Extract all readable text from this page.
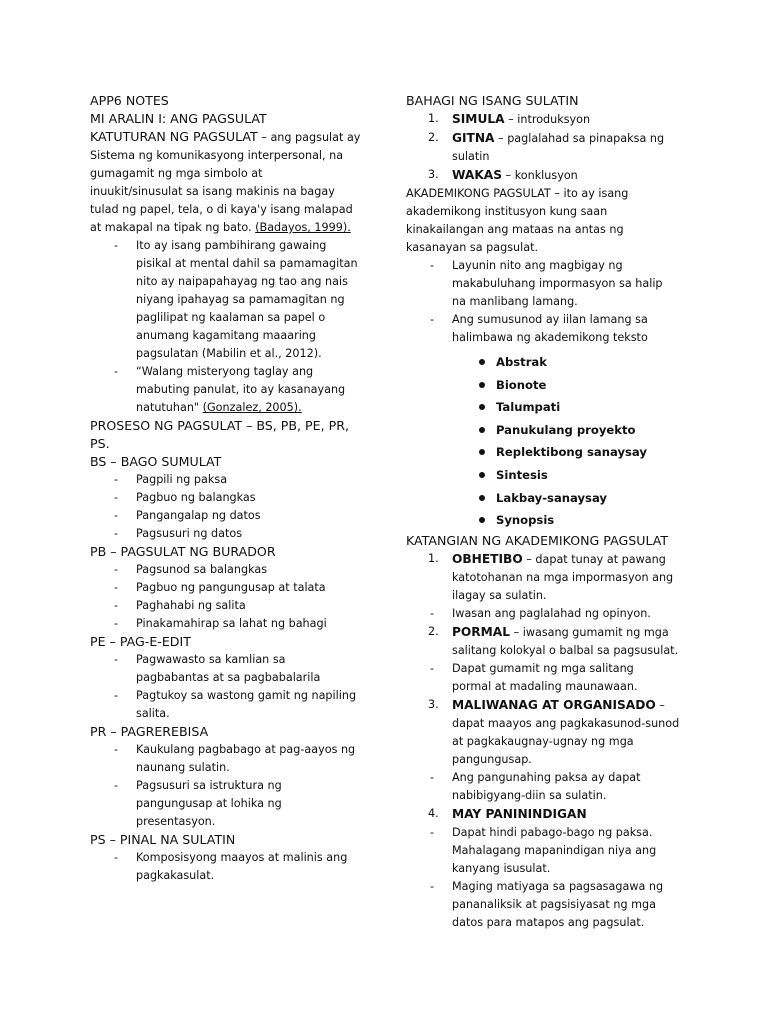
APP6 NOTES
MI ARALIN I: ANG PAGSULAT
KATUTURAN NG PAGSULAT – ang pagsulat ay
Sistema ng komunikasyong interpersonal, na
gumagamit ng mga simbolo at
inuukit/sinusulat sa isang makinis na bagay
tulad ng papel, tela, o di kaya'y isang malapad
at makapal na tipak ng bato. (Badayos, 1999).
- Ito ay isang pambihirang gawaing
pisikal at mental dahil sa pamamagitan
nito ay naipapahayag ng tao ang nais
niyang ipahayag sa pamamagitan ng
paglilipat ng kaalaman sa papel o
anumang kagamitang maaaring
pagsulatan (Mabilin et al., 2012).
- “Walang misteryong taglay ang
mabuting panulat, ito ay kasanayang
natutuhan" (Gonzalez, 2005).
PROSESO NG PAGSULAT – BS, PB, PE, PR,
PS.
BS – BAGO SUMULAT
- Pagpili ng paksa
- Pagbuo ng balangkas
- Pangangalap ng datos
- Pagsusuri ng datos
PB – PAGSULAT NG BURADOR
- Pagsunod sa balangkas
- Pagbuo ng pangungusap at talata
- Paghahabi ng salita
- Pinakamahirap sa lahat ng bahagi
PE – PAG-E-EDIT
- Pagwawasto sa kamlian sa
pagbabantas at sa pagbabalarila
- Pagtukoy sa wastong gamit ng napiling
salita.
PR – PAGREREBISA
- Kaukulang pagbabago at pag-aayos ng
naunang sulatin.
- Pagsusuri sa istruktura ng
pangungusap at lohika ng
presentasyon.
PS – PINAL NA SULATIN
- Komposisyong maayos at malinis ang
pagkakasulat.
BAHAGI NG ISANG SULATIN
1. SIMULA – introduksyon
2. GITNA – paglalahad sa pinapaksa ng
sulatin
3. WAKAS – konklusyon
AKADEMIKONG PAGSULAT – ito ay isang
akademikong institusyon kung saan
kinakailangan ang mataas na antas ng
kasanayan sa pagsulat.
- Layunin nito ang magbigay ng
makabuluhang impormasyon sa halip
na manlibang lamang.
- Ang sumusunod ay iilan lamang sa
halimbawa ng akademikong teksto
Abstrak
Bionote
Talumpati
Panukulang proyekto
Replektibong sanaysay
Sintesis
Lakbay-sanaysay
Synopsis
KATANGIAN NG AKADEMIKONG PAGSULAT
1. OBHETIBO – dapat tunay at pawang
katotohanan na mga impormasyon ang
ilagay sa sulatin.
- Iwasan ang paglalahad ng opinyon.
2. PORMAL – iwasang gumamit ng mga
salitang kolokyal o balbal sa pagsusulat.
- Dapat gumamit ng mga salitang
pormal at madaling maunawaan.
3. MALIWANAG AT ORGANISADO –
dapat maayos ang pagkakasunod-sunod
at pagkakaugnay-ugnay ng mga
pangungusap.
- Ang pangunahing paksa ay dapat
nabibigyang-diin sa sulatin.
4. MAY PANININDIGAN
- Dapat hindi pabago-bago ng paksa.
Mahalagang mapanindigan niya ang
kanyang isusulat.
- Maging matiyaga sa pagsasagawa ng
pananaliksik at pagsisiyasat ng mga
datos para matapos ang pagsulat.
